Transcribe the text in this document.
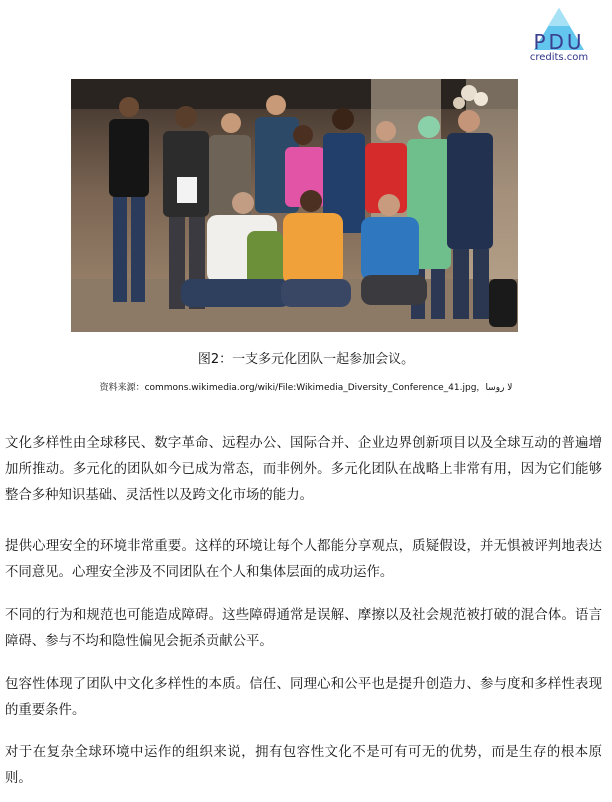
PDU
credits.com
图2：一支多元化团队一起参加会议。
资料来源：commons.wikimedia.org/wiki/File:Wikimedia_Diversity_Conference_41.jpg，لا روسا
文化多样性由全球移民、数字革命、远程办公、国际合并、企业边界创新项目以及全球互动的普遍增加所推动。多元化的团队如今已成为常态，而非例外。多元化团队在战略上非常有用，因为它们能够整合多种知识基础、灵活性以及跨文化市场的能力。
提供心理安全的环境非常重要。这样的环境让每个人都能分享观点，质疑假设，并无惧被评判地表达不同意见。心理安全涉及不同团队在个人和集体层面的成功运作。
不同的行为和规范也可能造成障碍。这些障碍通常是误解、摩擦以及社会规范被打破的混合体。语言障碍、参与不均和隐性偏见会扼杀贡献公平。
包容性体现了团队中文化多样性的本质。信任、同理心和公平也是提升创造力、参与度和多样性表现的重要条件。
对于在复杂全球环境中运作的组织来说，拥有包容性文化不是可有可无的优势，而是生存的根本原则。
